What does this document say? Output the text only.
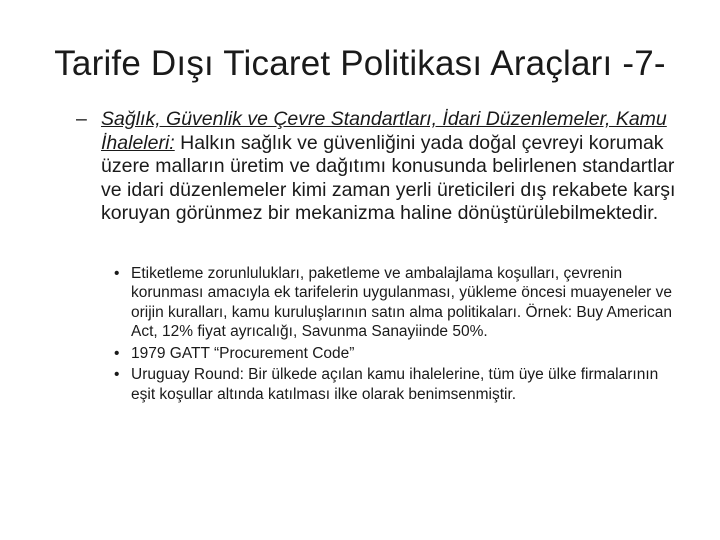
Tarife Dışı Ticaret Politikası Araçları -7-
– Sağlık, Güvenlik ve Çevre Standartları, İdari Düzenlemeler, Kamu İhaleleri: Halkın sağlık ve güvenliğini yada doğal çevreyi korumak üzere malların üretim ve dağıtımı konusunda belirlenen standartlar ve idari düzenlemeler kimi zaman yerli üreticileri dış rekabete karşı koruyan görünmez bir mekanizma haline dönüştürülebilmektedir.
• Etiketleme zorunlulukları, paketleme ve ambalajlama koşulları, çevrenin korunması amacıyla ek tarifelerin uygulanması, yükleme öncesi muayeneler ve orijin kuralları, kamu kuruluşlarının satın alma politikaları. Örnek: Buy American Act, 12% fiyat ayrıcalığı, Savunma Sanayiinde 50%.
• 1979 GATT “Procurement Code”
• Uruguay Round: Bir ülkede açılan kamu ihalelerine, tüm üye ülke firmalarının eşit koşullar altında katılması ilke olarak benimsenmiştir.
